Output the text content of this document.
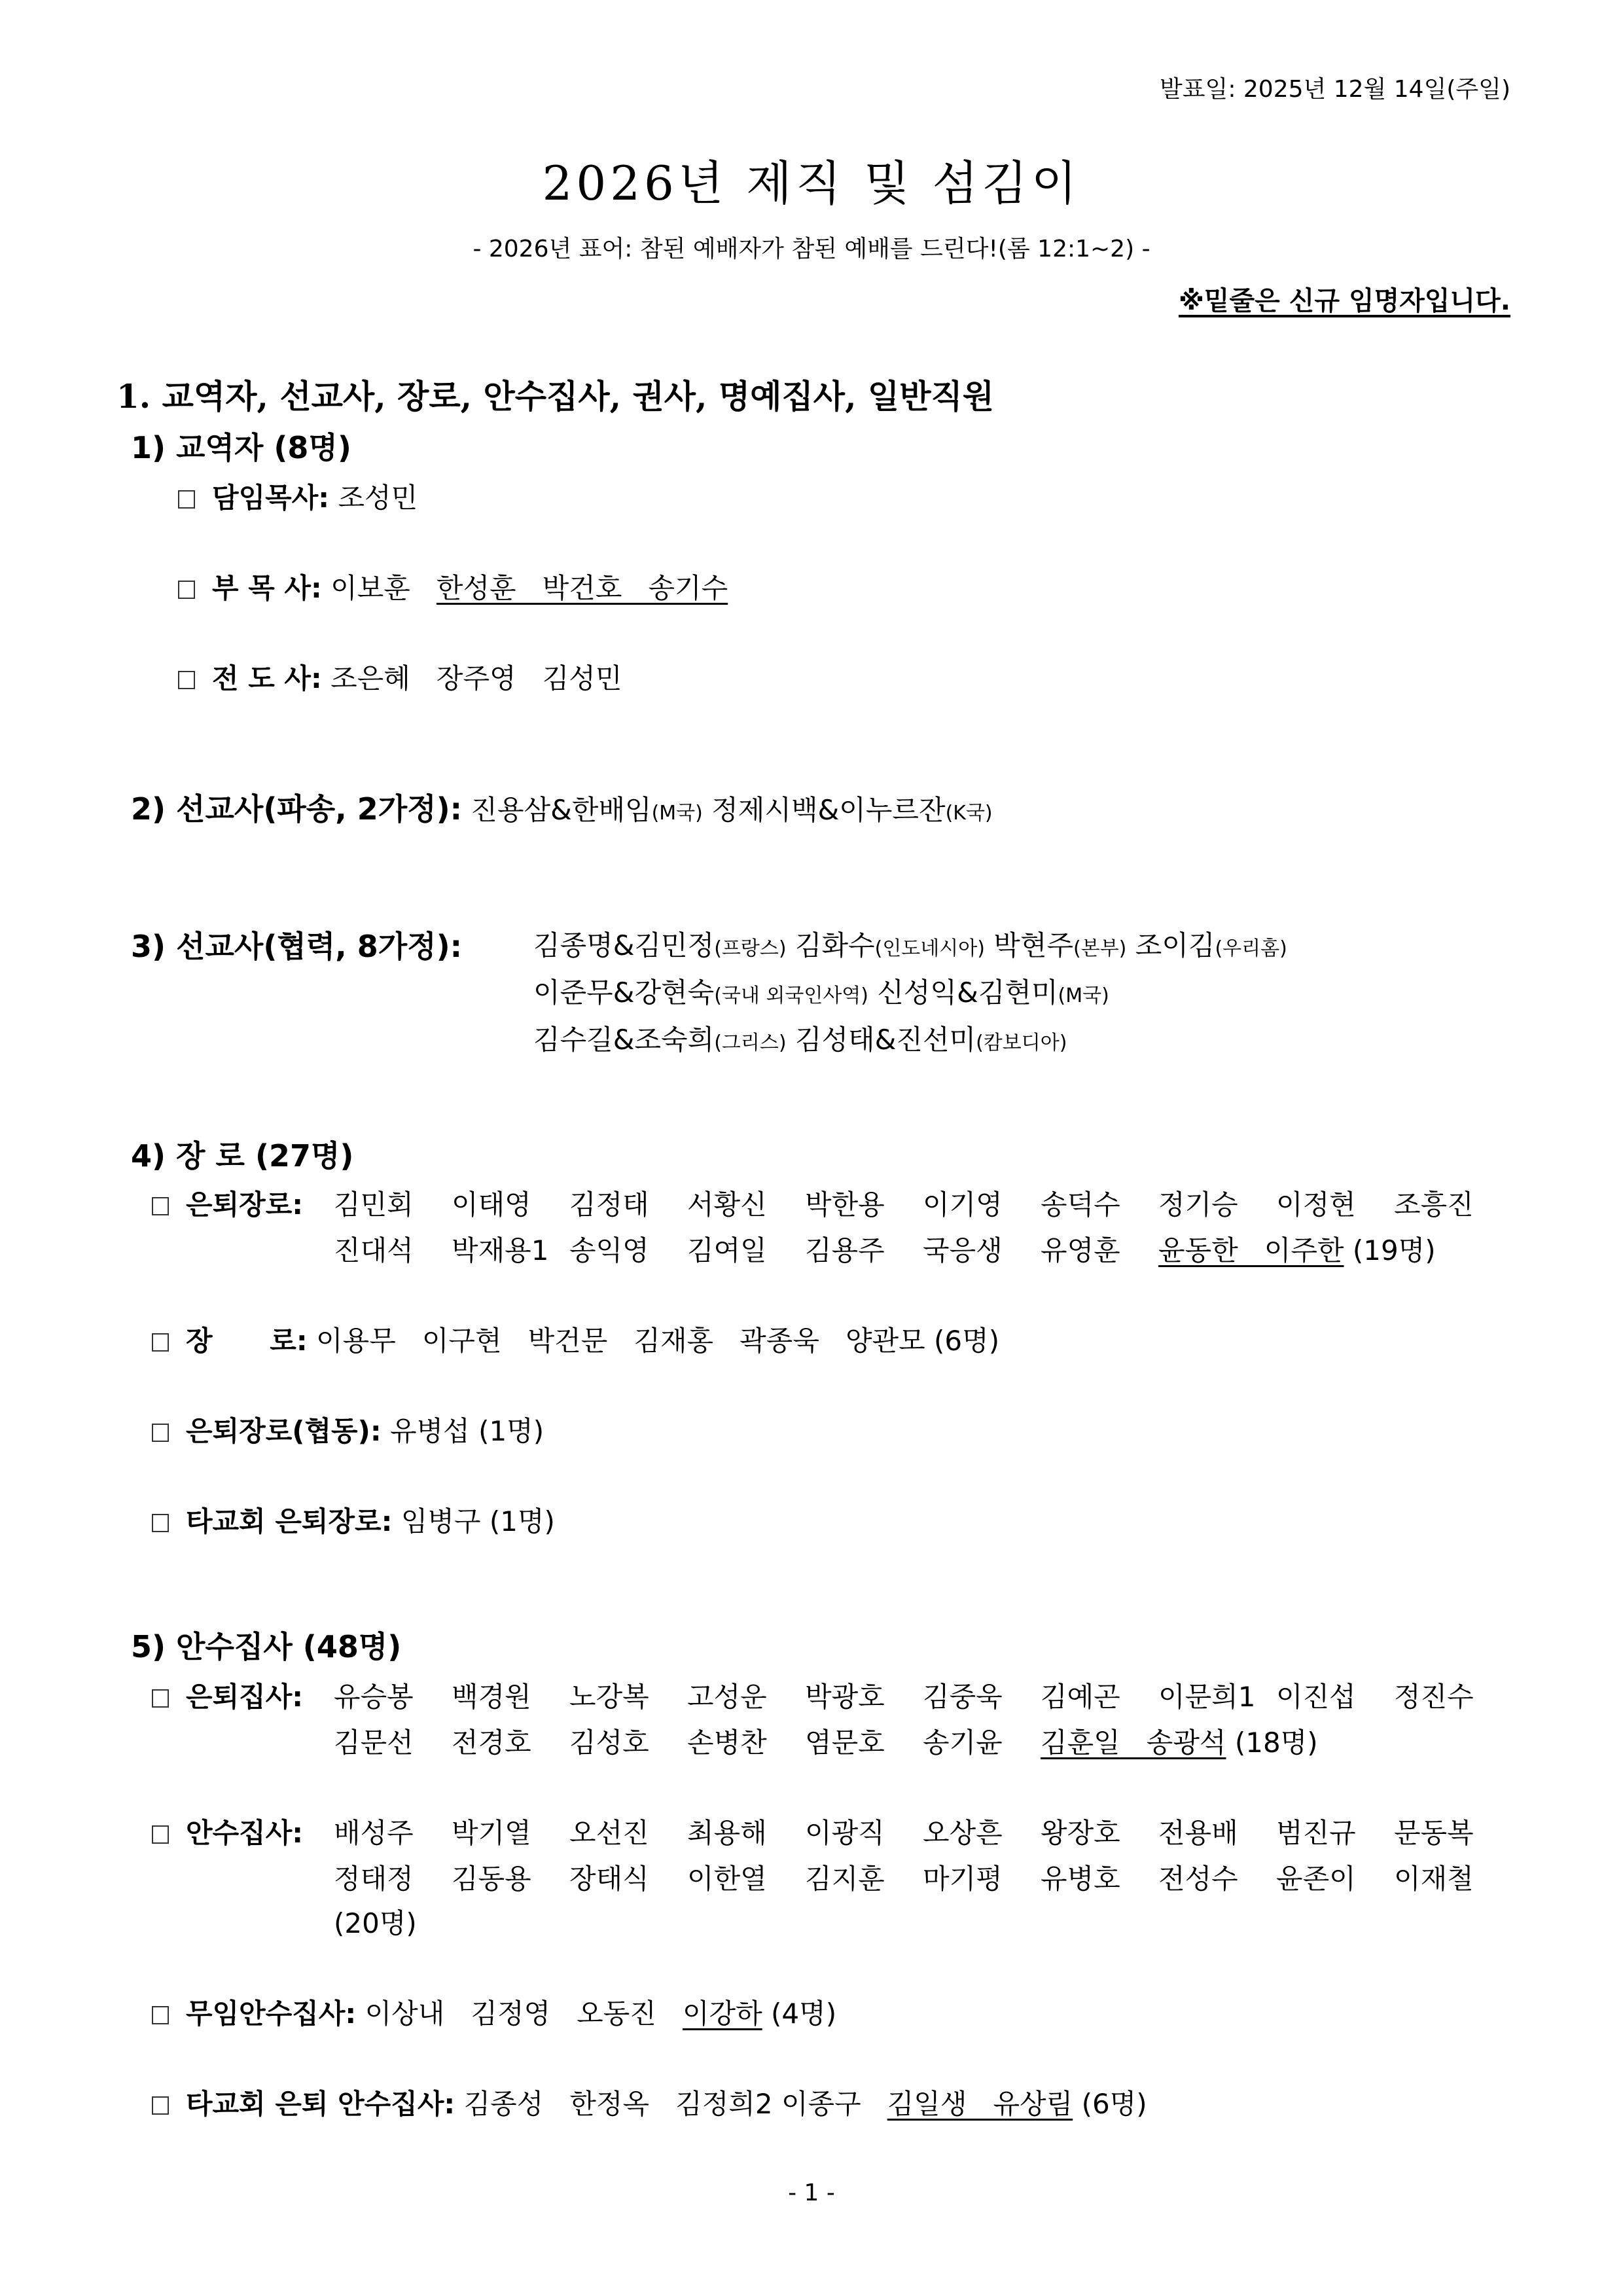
발표일: 2025년 12월 14일(주일)
2026년 제직 및 섬김이
- 2026년 표어: 참된 예배자가 참된 예배를 드린다!(롬 12:1~2) -
※밑줄은 신규 임명자입니다.
1. 교역자, 선교사, 장로, 안수집사, 권사, 명예집사, 일반직원
1) 교역자 (8명)
담임목사: 조성민
부 목 사: 이보훈 한성훈   박건호   송기수
전 도 사: 조은혜 장주영 김성민
2) 선교사(파송, 2가정): 진용삼&한배임(M국) 정제시백&이누르잔(K국)
3) 선교사(협력, 8가정):	김종명&김민정(프랑스) 김화수(인도네시아) 박현주(본부) 조이김(우리홈)
이준무&강현숙(국내 외국인사역) 신성익&김현미(M국)
김수길&조숙희(그리스) 김성태&진선미(캄보디아)
4) 장 로 (27명)
은퇴장로: 김민회 이태영 김정태 서황신 박한용 이기영 송덕수 정기승 이정현 조흥진
진대석 박재용1 송익영 김여일 김용주 국응생 유영훈 윤동한   이주한 (19명)
장      로: 이용무 이구현 박건문 김재홍 곽종욱 양관모 (6명)
은퇴장로(협동): 유병섭 (1명)
타교회 은퇴장로: 임병구 (1명)
5) 안수집사 (48명)
은퇴집사: 유승봉 백경원 노강복 고성운 박광호 김중욱 김예곤 이문희1 이진섭 정진수
김문선 전경호 김성호 손병찬 염문호 송기윤 김훈일   송광석 (18명)
안수집사: 배성주 박기열 오선진 최용해 이광직 오상흔 왕장호 전용배 범진규 문동복
정태정 김동용 장태식 이한열 김지훈 마기평 유병호 전성수 윤존이 이재철
(20명)
무임안수집사: 이상내 김정영 오동진 이강하 (4명)
타교회 은퇴 안수집사: 김종성 한정옥 김정희2 이종구 김일생   유상림 (6명)
- 1 -
